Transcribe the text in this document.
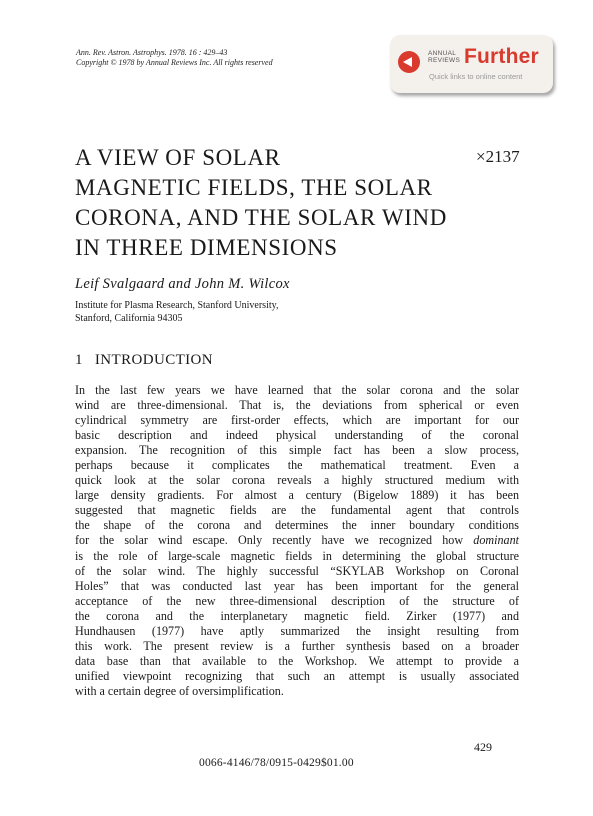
Ann. Rev. Astron. Astrophys. 1978. 16 : 429–43
Copyright © 1978 by Annual Reviews Inc. All rights reserved
ANNUAL
REVIEWS Further
Quick links to online content
A VIEW OF SOLAR
MAGNETIC FIELDS, THE SOLAR
CORONA, AND THE SOLAR WIND
IN THREE DIMENSIONS
×2137
Leif Svalgaard and John M. Wilcox
Institute for Plasma Research, Stanford University,
Stanford, California 94305
1 INTRODUCTION
In the last few years we have learned that the solar corona and the solar
wind are three-dimensional. That is, the deviations from spherical or even
cylindrical symmetry are first-order effects, which are important for our
basic description and indeed physical understanding of the coronal
expansion. The recognition of this simple fact has been a slow process,
perhaps because it complicates the mathematical treatment. Even a
quick look at the solar corona reveals a highly structured medium with
large density gradients. For almost a century (Bigelow 1889) it has been
suggested that magnetic fields are the fundamental agent that controls
the shape of the corona and determines the inner boundary conditions
for the solar wind escape. Only recently have we recognized how dominant
is the role of large-scale magnetic fields in determining the global structure
of the solar wind. The highly successful “SKYLAB Workshop on Coronal
Holes” that was conducted last year has been important for the general
acceptance of the new three-dimensional description of the structure of
the corona and the interplanetary magnetic field. Zirker (1977) and
Hundhausen (1977) have aptly summarized the insight resulting from
this work. The present review is a further synthesis based on a broader
data base than that available to the Workshop. We attempt to provide a
unified viewpoint recognizing that such an attempt is usually associated
with a certain degree of oversimplification.
429
0066-4146/78/0915-0429$01.00
